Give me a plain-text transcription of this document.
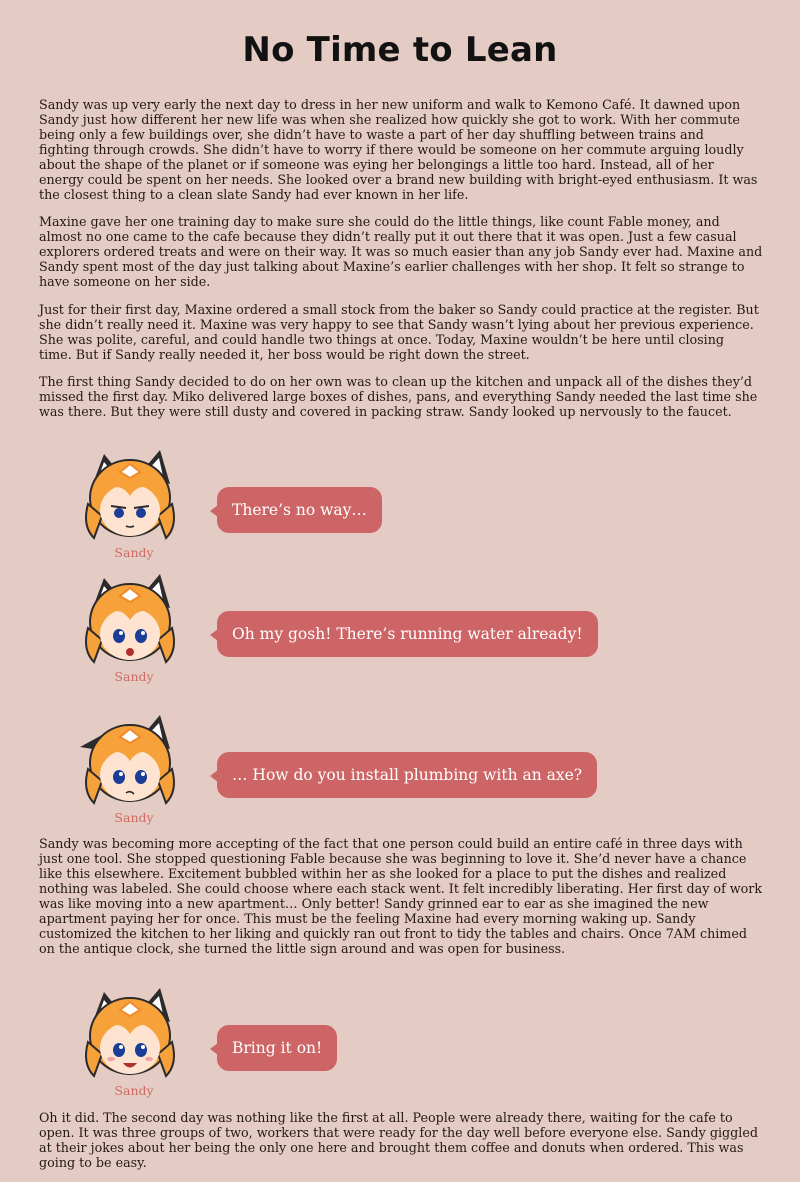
No Time to Lean

Sandy was up very early the next day to dress in her new uniform and walk to Kemono Café. It dawned upon
Sandy just how different her new life was when she realized how quickly she got to work. With her commute
being only a few buildings over, she didn’t have to waste a part of her day shuffling between trains and
fighting through crowds. She didn’t have to worry if there would be someone on her commute arguing loudly
about the shape of the planet or if someone was eying her belongings a little too hard. Instead, all of her
energy could be spent on her needs. She looked over a brand new building with bright-eyed enthusiasm. It was
the closest thing to a clean slate Sandy had ever known in her life.

Maxine gave her one training day to make sure she could do the little things, like count Fable money, and
almost no one came to the cafe because they didn’t really put it out there that it was open. Just a few casual
explorers ordered treats and were on their way. It was so much easier than any job Sandy ever had. Maxine and
Sandy spent most of the day just talking about Maxine’s earlier challenges with her shop. It felt so strange to
have someone on her side.

Just for their first day, Maxine ordered a small stock from the baker so Sandy could practice at the register. But
she didn’t really need it. Maxine was very happy to see that Sandy wasn’t lying about her previous experience.
She was polite, careful, and could handle two things at once. Today, Maxine wouldn’t be here until closing
time. But if Sandy really needed it, her boss would be right down the street.

The first thing Sandy decided to do on her own was to clean up the kitchen and unpack all of the dishes they’d
missed the first day. Miko delivered large boxes of dishes, pans, and everything Sandy needed the last time she
was there. But they were still dusty and covered in packing straw. Sandy looked up nervously to the faucet.

Sandy
There’s no way…
Sandy
Oh my gosh! There’s running water already!
Sandy
… How do you install plumbing with an axe?

Sandy was becoming more accepting of the fact that one person could build an entire café in three days with
just one tool. She stopped questioning Fable because she was beginning to love it. She’d never have a chance
like this elsewhere. Excitement bubbled within her as she looked for a place to put the dishes and realized
nothing was labeled. She could choose where each stack went. It felt incredibly liberating. Her first day of work
was like moving into a new apartment… Only better! Sandy grinned ear to ear as she imagined the new
apartment paying her for once. This must be the feeling Maxine had every morning waking up. Sandy
customized the kitchen to her liking and quickly ran out front to tidy the tables and chairs. Once 7AM chimed
on the antique clock, she turned the little sign around and was open for business.

Sandy
Bring it on!

Oh it did. The second day was nothing like the first at all. People were already there, waiting for the cafe to
open. It was three groups of two, workers that were ready for the day well before everyone else. Sandy giggled
at their jokes about her being the only one here and brought them coffee and donuts when ordered. This was
going to be easy.
